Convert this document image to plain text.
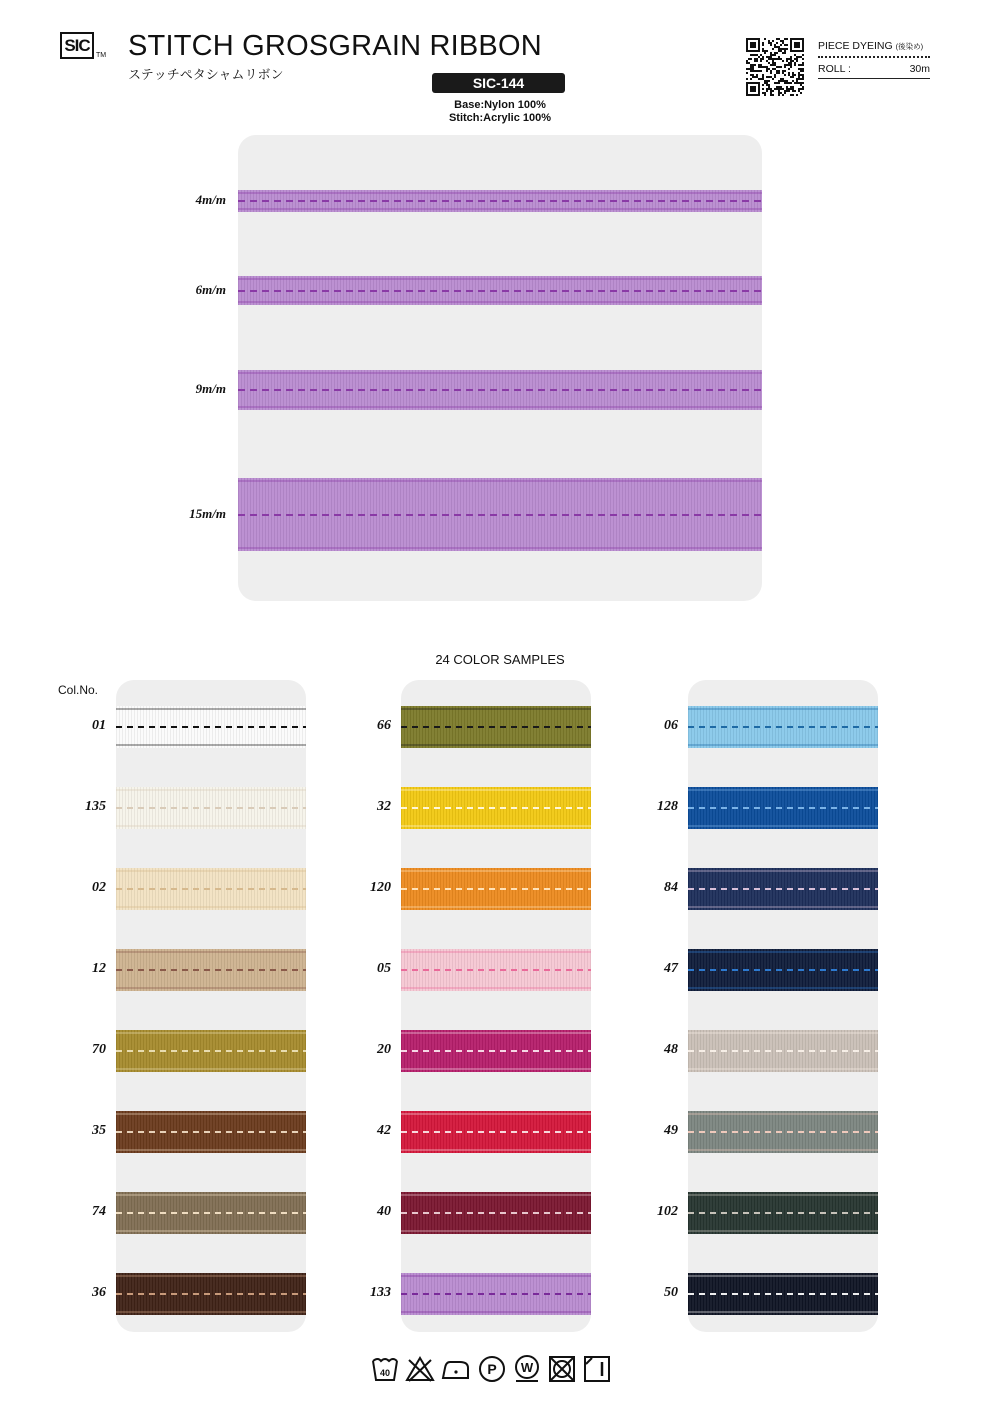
SIC
TM STITCH GROSGRAIN RIBBON
ステッチペタシャムリボン
SIC-144
Base:Nylon 100%
Stitch:Acrylic 100%
PIECE DYEING (後染め)
ROLL :	30m
4m/m
6m/m
9m/m
15m/m
24 COLOR SAMPLES
Col.No.
01
135
02
12
70
35
74
36
66
32
120
05
20
42
40
133
06
128
84
47
48
49
102
50
40	P W
